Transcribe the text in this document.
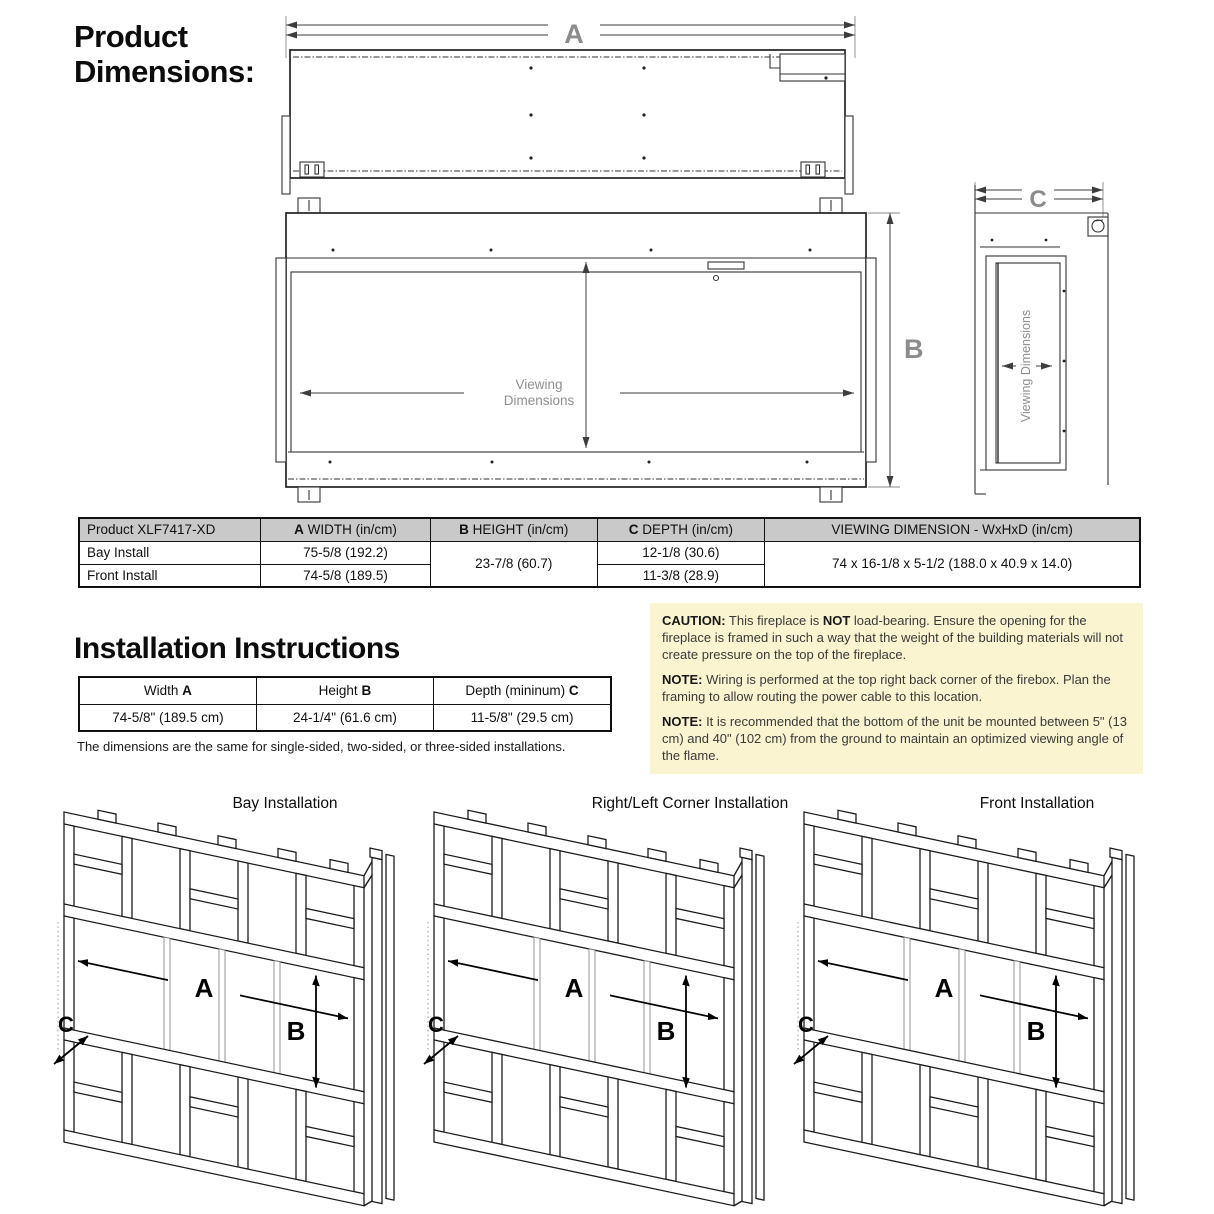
Product Dimensions:
A
Viewing
Dimensions
B
C
Viewing Dimensions
Product XLF7417-XD	A WIDTH (in/cm)	B HEIGHT (in/cm)	C DEPTH (in/cm)	VIEWING DIMENSION - WxHxD (in/cm)
Bay Install	75-5/8 (192.2)	23-7/8 (60.7)	12-1/8 (30.6)	74 x 16-1/8 x 5-1/2 (188.0 x 40.9 x 14.0)
Front Install	74-5/8 (189.5)		11-3/8 (28.9)	
Installation Instructions
Width A	Height B	Depth (mininum) C
74-5/8" (189.5 cm)	24-1/4" (61.6 cm)	11-5/8" (29.5 cm)
The dimensions are the same for single-sided, two-sided, or three-sided installations.

CAUTION: This fireplace is NOT load-bearing. Ensure the opening for the fireplace is framed in such a way that the weight of the building materials will not create pressure on the top of the fireplace.

NOTE: Wiring is performed at the top right back corner of the firebox. Plan the framing to allow routing the power cable to this location.

NOTE: It is recommended that the bottom of the unit be mounted between 5" (13 cm) and 40" (102 cm) from the ground to maintain an optimized viewing angle of the flame.

Bay Installation	Right/Left Corner Installation	Front Installation
A
B
C
A
B
C
A
B
C
